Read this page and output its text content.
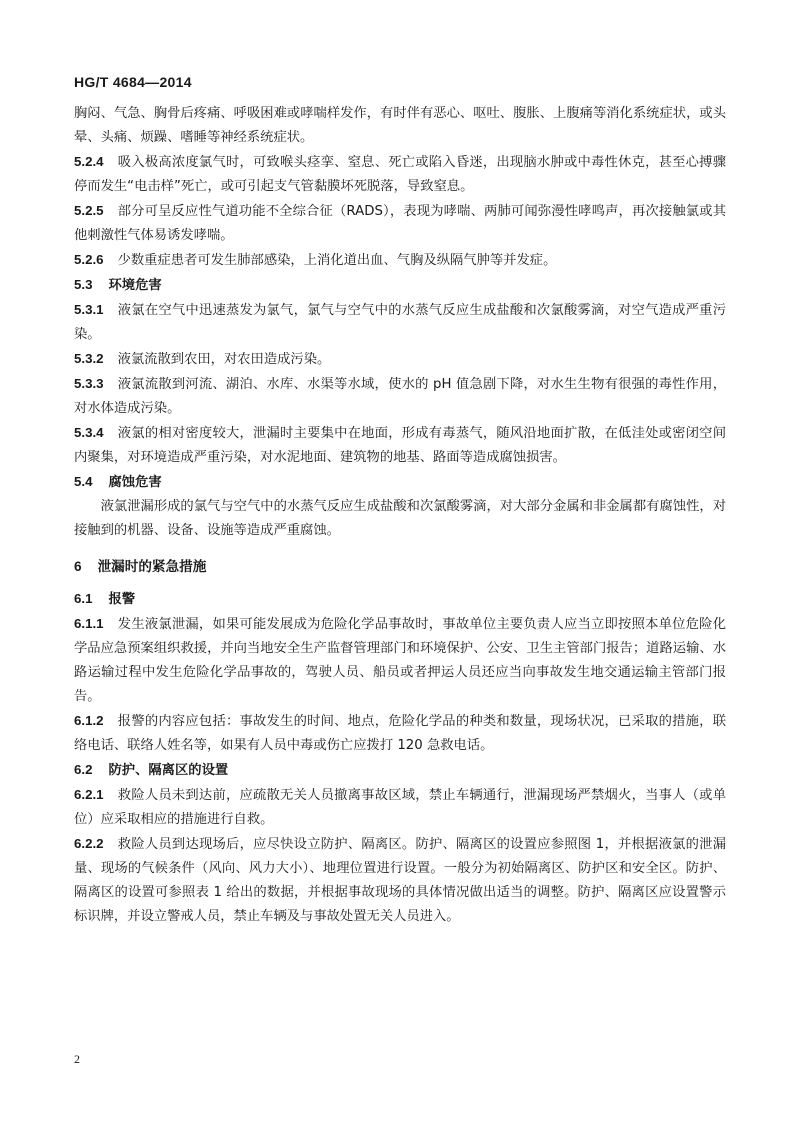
HG/T 4684—2014

胸闷、气急、胸骨后疼痛、呼吸困难或哮喘样发作，有时伴有恶心、呕吐、腹胀、上腹痛等消化系统症状，或头晕、头痛、烦躁、嗜睡等神经系统症状。

5.2.4 吸入极高浓度氯气时，可致喉头痉挛、窒息、死亡或陷入昏迷，出现脑水肿或中毒性休克，甚至心搏骤停而发生“电击样”死亡，或可引起支气管黏膜坏死脱落，导致窒息。

5.2.5 部分可呈反应性气道功能不全综合征（RADS），表现为哮喘、两肺可闻弥漫性哮鸣声，再次接触氯或其他刺激性气体易诱发哮喘。

5.2.6 少数重症患者可发生肺部感染，上消化道出血、气胸及纵隔气肿等并发症。

5.3 环境危害

5.3.1 液氯在空气中迅速蒸发为氯气，氯气与空气中的水蒸气反应生成盐酸和次氯酸雾滴，对空气造成严重污染。

5.3.2 液氯流散到农田，对农田造成污染。

5.3.3 液氯流散到河流、湖泊、水库、水渠等水域，使水的 pH 值急剧下降，对水生生物有很强的毒性作用，对水体造成污染。

5.3.4 液氯的相对密度较大，泄漏时主要集中在地面，形成有毒蒸气，随风沿地面扩散，在低洼处或密闭空间内聚集，对环境造成严重污染，对水泥地面、建筑物的地基、路面等造成腐蚀损害。

5.4 腐蚀危害

液氯泄漏形成的氯气与空气中的水蒸气反应生成盐酸和次氯酸雾滴，对大部分金属和非金属都有腐蚀性，对接触到的机器、设备、设施等造成严重腐蚀。

6 泄漏时的紧急措施

6.1 报警

6.1.1 发生液氯泄漏，如果可能发展成为危险化学品事故时，事故单位主要负责人应当立即按照本单位危险化学品应急预案组织救援，并向当地安全生产监督管理部门和环境保护、公安、卫生主管部门报告；道路运输、水路运输过程中发生危险化学品事故的，驾驶人员、船员或者押运人员还应当向事故发生地交通运输主管部门报告。

6.1.2 报警的内容应包括：事故发生的时间、地点，危险化学品的种类和数量，现场状况，已采取的措施，联络电话、联络人姓名等，如果有人员中毒或伤亡应拨打 120 急救电话。

6.2 防护、隔离区的设置

6.2.1 救险人员未到达前，应疏散无关人员撤离事故区域，禁止车辆通行，泄漏现场严禁烟火，当事人（或单位）应采取相应的措施进行自救。

6.2.2 救险人员到达现场后，应尽快设立防护、隔离区。防护、隔离区的设置应参照图 1，并根据液氯的泄漏量、现场的气候条件（风向、风力大小）、地理位置进行设置。一般分为初始隔离区、防护区和安全区。防护、隔离区的设置可参照表 1 给出的数据，并根据事故现场的具体情况做出适当的调整。防护、隔离区应设置警示标识牌，并设立警戒人员，禁止车辆及与事故处置无关人员进入。

2
